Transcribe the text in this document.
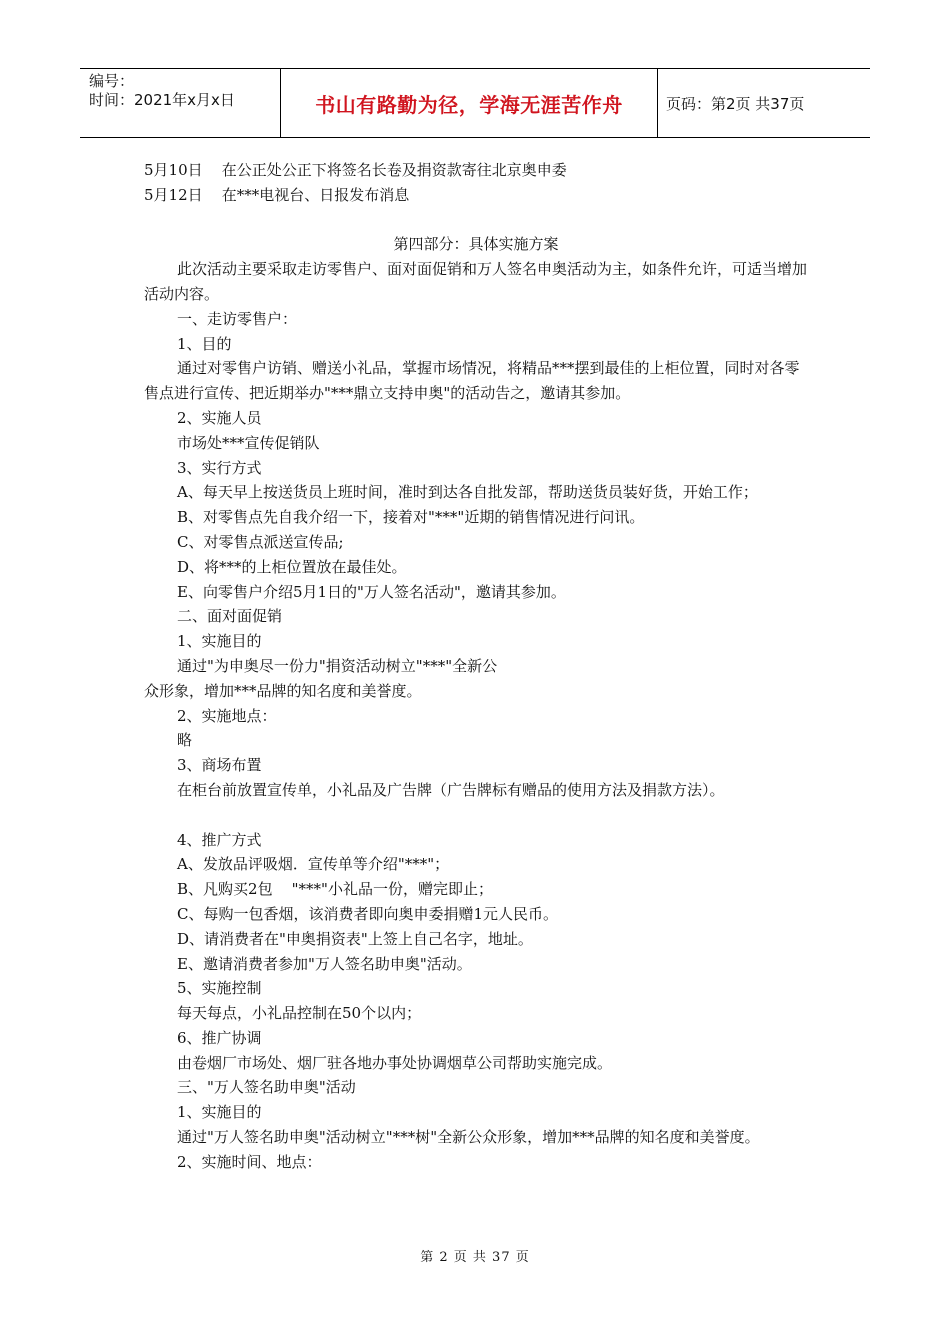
编号：
时间：2021年x月x日	书山有路勤为径，学海无涯苦作舟	页码：第2页 共37页

5月10日    在公正处公正下将签名长卷及捐资款寄往北京奥申委

5月12日    在***电视台、日报发布消息

第四部分：具体实施方案

此次活动主要采取走访零售户、面对面促销和万人签名申奥活动为主，如条件允许，可适当增加活动内容。

一、走访零售户：

1、目的

通过对零售户访销、赠送小礼品，掌握市场情况，将精品***摆到最佳的上柜位置，同时对各零售点进行宣传、把近期举办"***鼎立支持申奥"的活动告之，邀请其参加。

2、实施人员

市场处***宣传促销队

3、实行方式

A、每天早上按送货员上班时间，准时到达各自批发部，帮助送货员装好货，开始工作；

B、对零售点先自我介绍一下，接着对"***"近期的销售情况进行问讯。

C、对零售点派送宣传品;

D、将***的上柜位置放在最佳处。

E、向零售户介绍5月1日的"万人签名活动"，邀请其参加。

二、面对面促销

1、实施目的

通过"为申奥尽一份力"捐资活动树立"***"全新公

众形象，增加***品牌的知名度和美誉度。

2、实施地点：

略

3、商场布置

在柜台前放置宣传单，小礼品及广告牌（广告牌标有赠品的使用方法及捐款方法）。

4、推广方式

A、发放品评吸烟．宣传单等介绍"***"；

B、凡购买2包    "***"小礼品一份，赠完即止；

C、每购一包香烟，该消费者即向奥申委捐赠1元人民币。

D、请消费者在"申奥捐资表"上签上自己名字，地址。

E、邀请消费者参加"万人签名助申奥"活动。

5、实施控制

每天每点，小礼品控制在50个以内；

6、推广协调

由卷烟厂市场处、烟厂驻各地办事处协调烟草公司帮助实施完成。

三、"万人签名助申奥"活动

1、实施目的

通过"万人签名助申奥"活动树立"***树"全新公众形象，增加***品牌的知名度和美誉度。

2、实施时间、地点：

第 2 页 共 37 页
